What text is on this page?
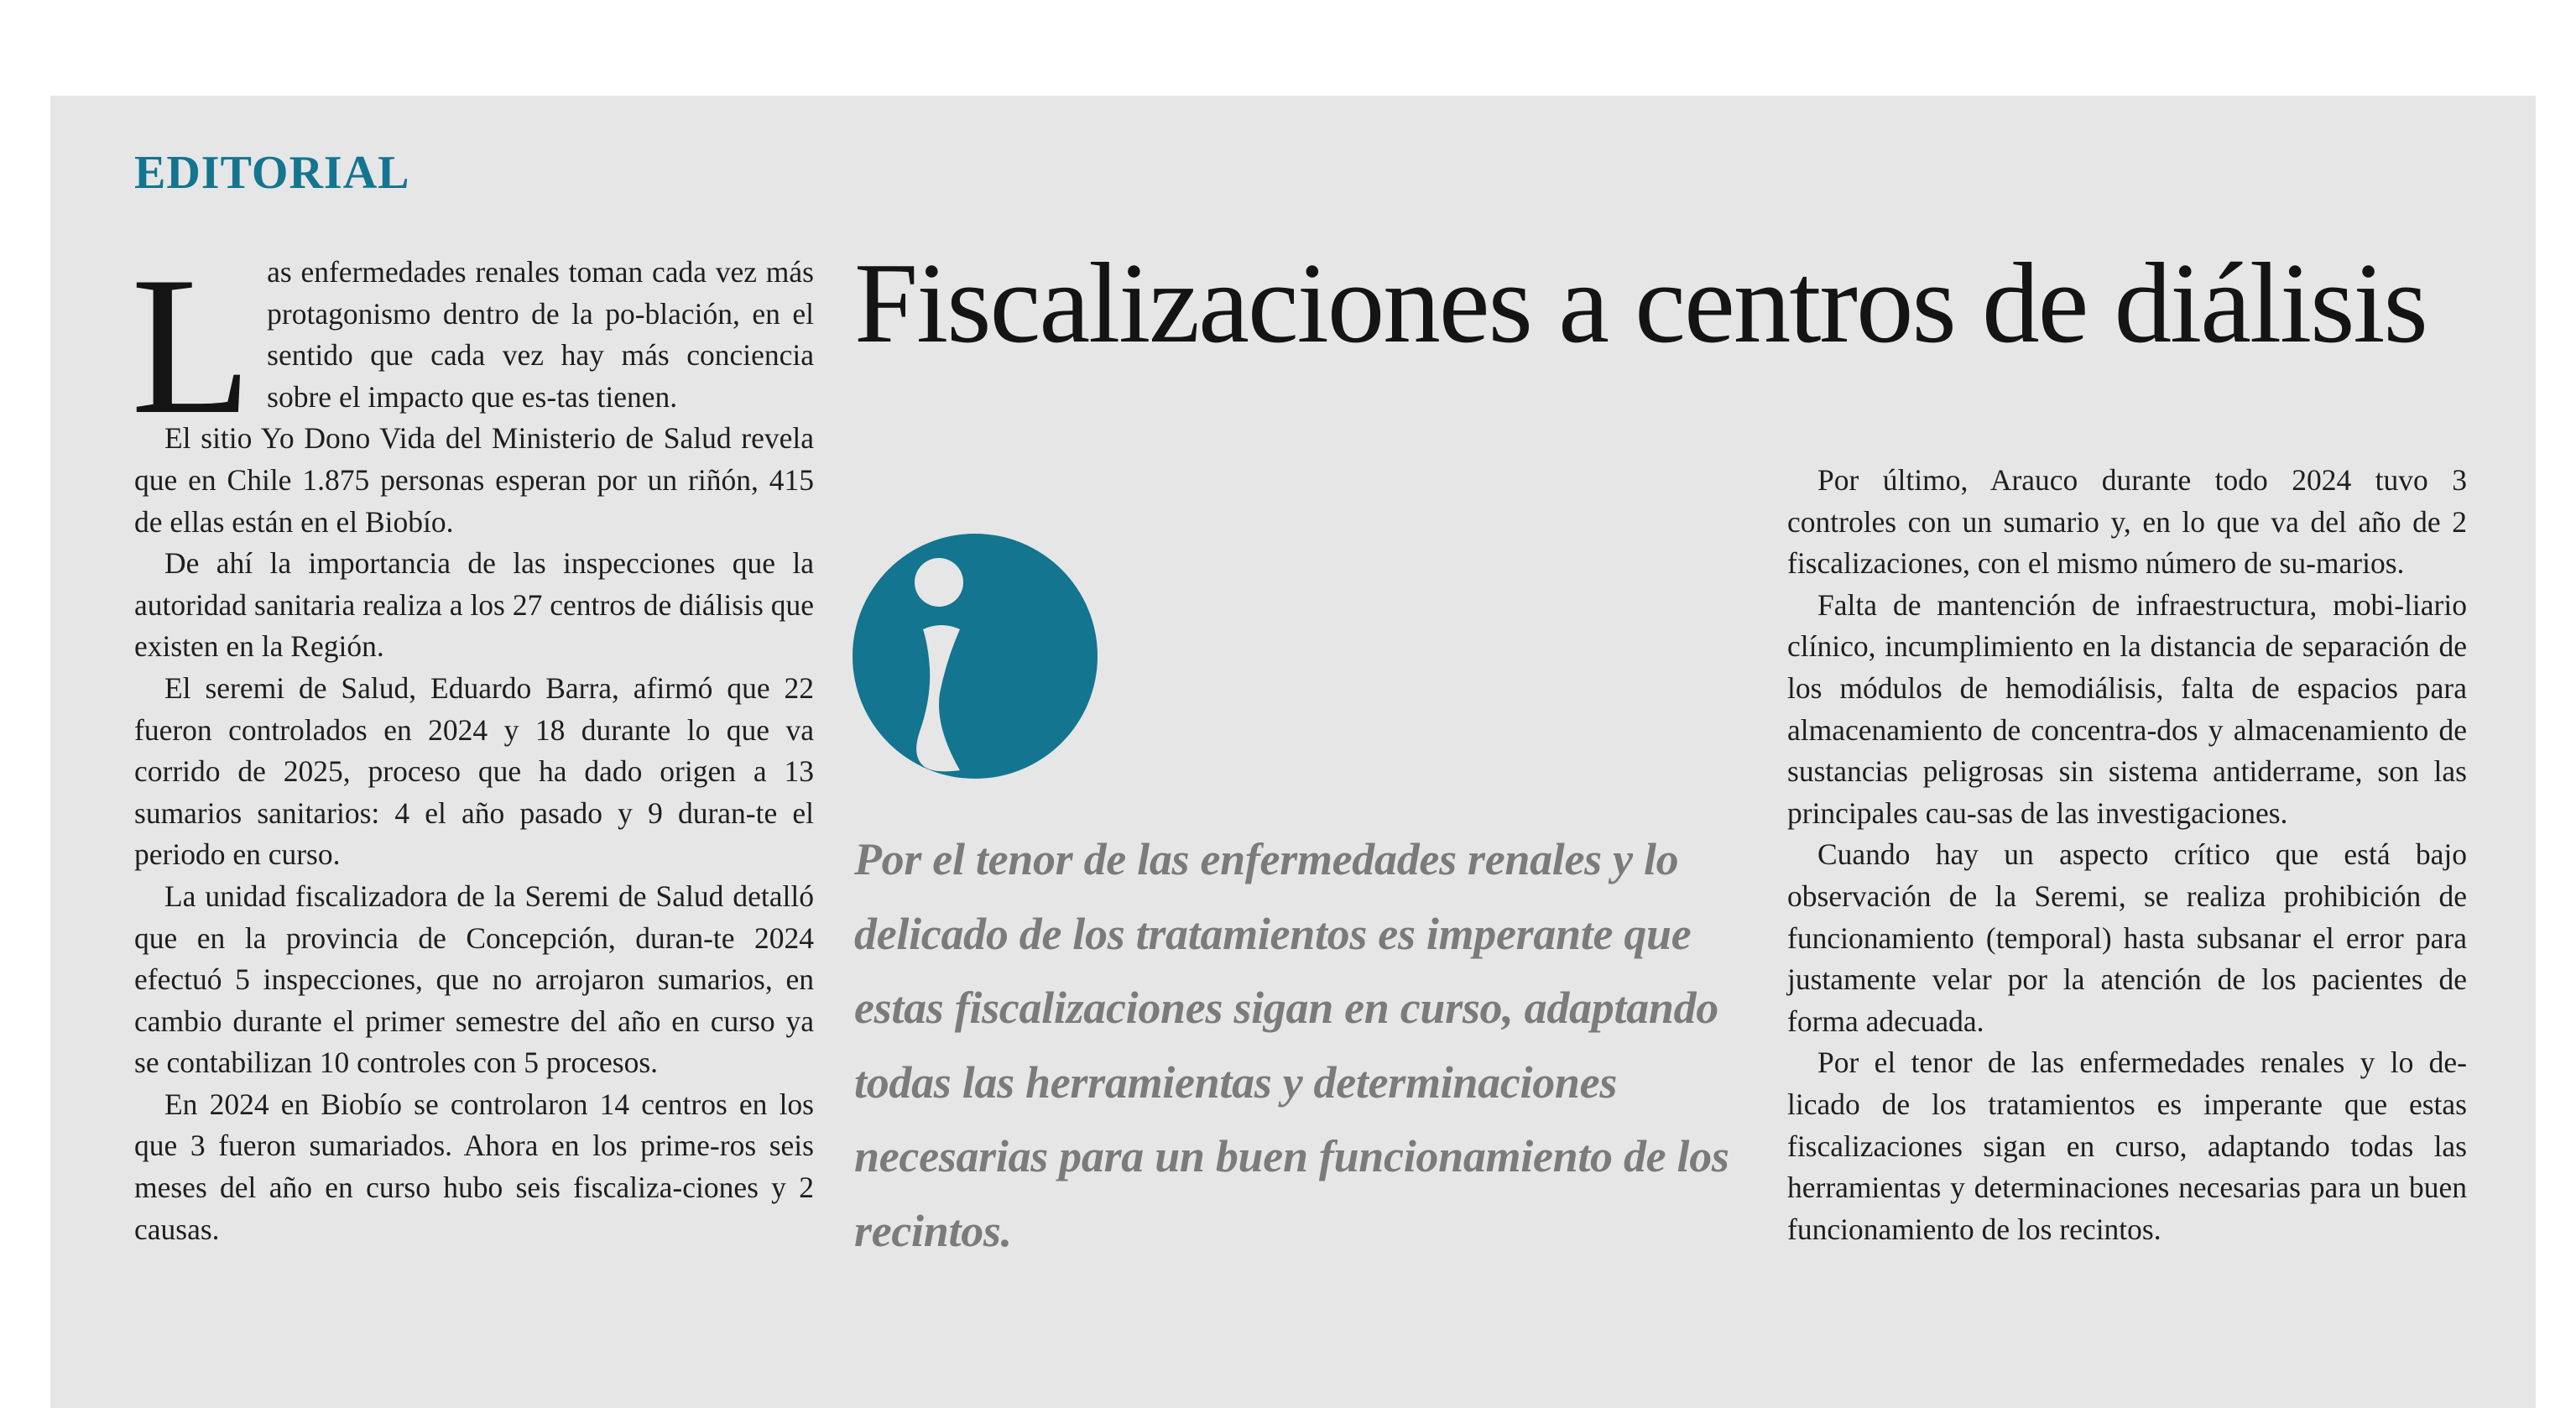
EDITORIAL
Fiscalizaciones a centros de diálisis

Las enfermedades renales toman cada vez más protagonismo dentro de la po-blación, en el sentido que cada vez hay más conciencia sobre el impacto que es-tas tienen.

El sitio Yo Dono Vida del Ministerio de Salud revela que en Chile 1.875 personas esperan por un riñón, 415 de ellas están en el Biobío.

De ahí la importancia de las inspecciones que la autoridad sanitaria realiza a los 27 centros de diálisis que existen en la Región.

El seremi de Salud, Eduardo Barra, afirmó que 22 fueron controlados en 2024 y 18 durante lo que va corrido de 2025, proceso que ha dado origen a 13 sumarios sanitarios: 4 el año pasado y 9 duran-te el periodo en curso.

La unidad fiscalizadora de la Seremi de Salud detalló que en la provincia de Concepción, duran-te 2024 efectuó 5 inspecciones, que no arrojaron sumarios, en cambio durante el primer semestre del año en curso ya se contabilizan 10 controles con 5 procesos.

En 2024 en Biobío se controlaron 14 centros en los que 3 fueron sumariados. Ahora en los prime-ros seis meses del año en curso hubo seis fiscaliza-ciones y 2 causas.

Por el tenor de las enfermedades renales y lo delicado de los tratamientos es imperante que estas fiscalizaciones sigan en curso, adaptando todas las herramientas y determinaciones necesarias para un buen funcionamiento de los recintos.

Por último, Arauco durante todo 2024 tuvo 3 controles con un sumario y, en lo que va del año de 2 fiscalizaciones, con el mismo número de su-marios.

Falta de mantención de infraestructura, mobi-liario clínico, incumplimiento en la distancia de separación de los módulos de hemodiálisis, falta de espacios para almacenamiento de concentra-dos y almacenamiento de sustancias peligrosas sin sistema antiderrame, son las principales cau-sas de las investigaciones.

Cuando hay un aspecto crítico que está bajo observación de la Seremi, se realiza prohibición de funcionamiento (temporal) hasta subsanar el error para justamente velar por la atención de los pacientes de forma adecuada.

Por el tenor de las enfermedades renales y lo de-licado de los tratamientos es imperante que estas fiscalizaciones sigan en curso, adaptando todas las herramientas y determinaciones necesarias para un buen funcionamiento de los recintos.
